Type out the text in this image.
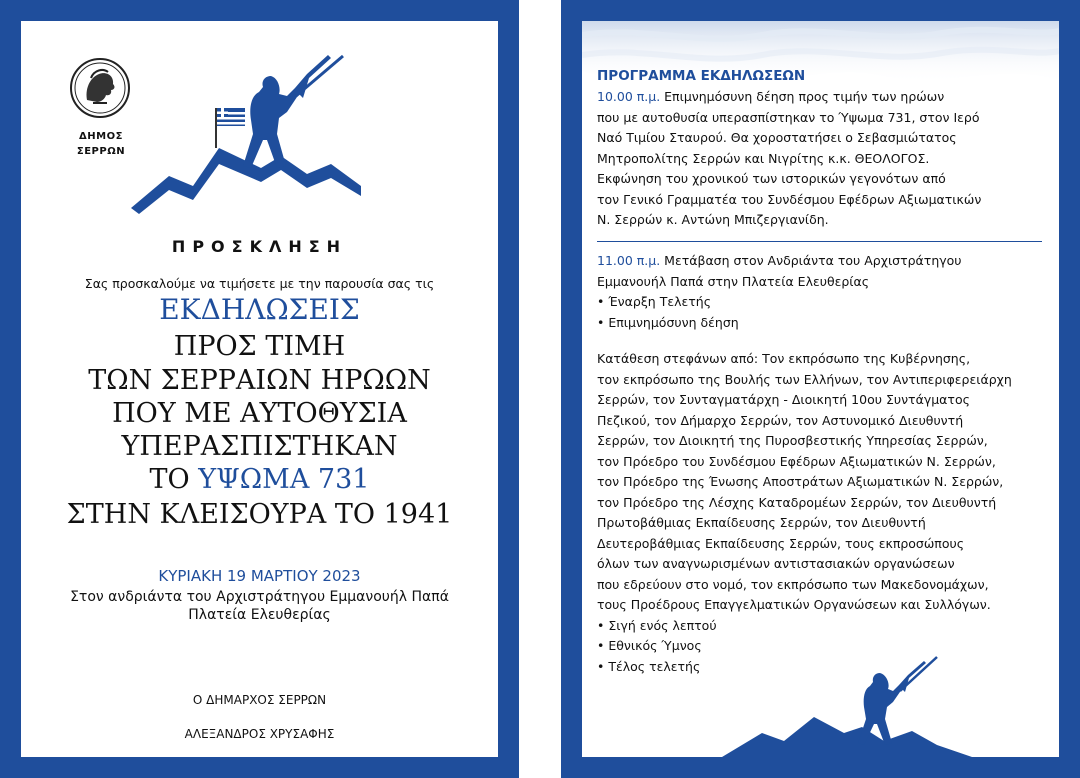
ΔΗΜΟΣ
ΣΕΡΡΩΝ
ΠΡΟΣΚΛΗΣΗ
Σας προσκαλούμε να τιμήσετε με την παρουσία σας τις
ΕΚΔΗΛΩΣΕΙΣ
ΠΡΟΣ ΤΙΜΗ
ΤΩΝ ΣΕΡΡΑΙΩΝ ΗΡΩΩΝ
ΠΟΥ ΜΕ ΑΥΤΟΘΥΣΙΑ
ΥΠΕΡΑΣΠΙΣΤΗΚΑΝ
ΤΟ ΥΨΩΜΑ 731
ΣΤΗΝ ΚΛΕΙΣΟΥΡΑ ΤΟ 1941
ΚΥΡΙΑΚΗ 19 ΜΑΡΤΙΟΥ 2023
Στον ανδριάντα του Αρχιστράτηγου Εμμανουήλ Παπά
Πλατεία Ελευθερίας
Ο ΔΗΜΑΡΧΟΣ ΣΕΡΡΩΝ
ΑΛΕΞΑΝΔΡΟΣ ΧΡΥΣΑΦΗΣ
ΠΡΟΓΡΑΜΜΑ ΕΚΔΗΛΩΣΕΩΝ

10.00 π.μ. Επιμνημόσυνη δέηση προς τιμήν των ηρώων
που με αυτοθυσία υπερασπίστηκαν το Ύψωμα 731, στον Ιερό
Ναό Τιμίου Σταυρού. Θα χοροστατήσει ο Σεβασμιώτατος
Μητροπολίτης Σερρών και Νιγρίτης κ.κ. ΘΕΟΛΟΓΟΣ.
Εκφώνηση του χρονικού των ιστορικών γεγονότων από
τον Γενικό Γραμματέα του Συνδέσμου Εφέδρων Αξιωματικών
Ν. Σερρών κ. Αντώνη Μπιζεργιανίδη.

11.00 π.μ. Μετάβαση στον Ανδριάντα του Αρχιστράτηγου
Εμμανουήλ Παπά στην Πλατεία Ελευθερίας
• Έναρξη Τελετής
• Επιμνημόσυνη δέηση

Κατάθεση στεφάνων από: Τον εκπρόσωπο της Κυβέρνησης,
τον εκπρόσωπο της Βουλής των Ελλήνων, τον Αντιπεριφερειάρχη
Σερρών, τον Συνταγματάρχη - Διοικητή 10ου Συντάγματος
Πεζικού, τον Δήμαρχο Σερρών, τον Αστυνομικό Διευθυντή
Σερρών, τον Διοικητή της Πυροσβεστικής Υπηρεσίας Σερρών,
τον Πρόεδρο του Συνδέσμου Εφέδρων Αξιωματικών Ν. Σερρών,
τον Πρόεδρο της Ένωσης Αποστράτων Αξιωματικών Ν. Σερρών,
τον Πρόεδρο της Λέσχης Καταδρομέων Σερρών, τον Διευθυντή
Πρωτοβάθμιας Εκπαίδευσης Σερρών, τον Διευθυντή
Δευτεροβάθμιας Εκπαίδευσης Σερρών, τους εκπροσώπους
όλων των αναγνωρισμένων αντιστασιακών οργανώσεων
που εδρεύουν στο νομό, τον εκπρόσωπο των Μακεδονομάχων,
τους Προέδρους Επαγγελματικών Οργανώσεων και Συλλόγων.
• Σιγή ενός λεπτού
• Εθνικός Ύμνος
• Τέλος τελετής
